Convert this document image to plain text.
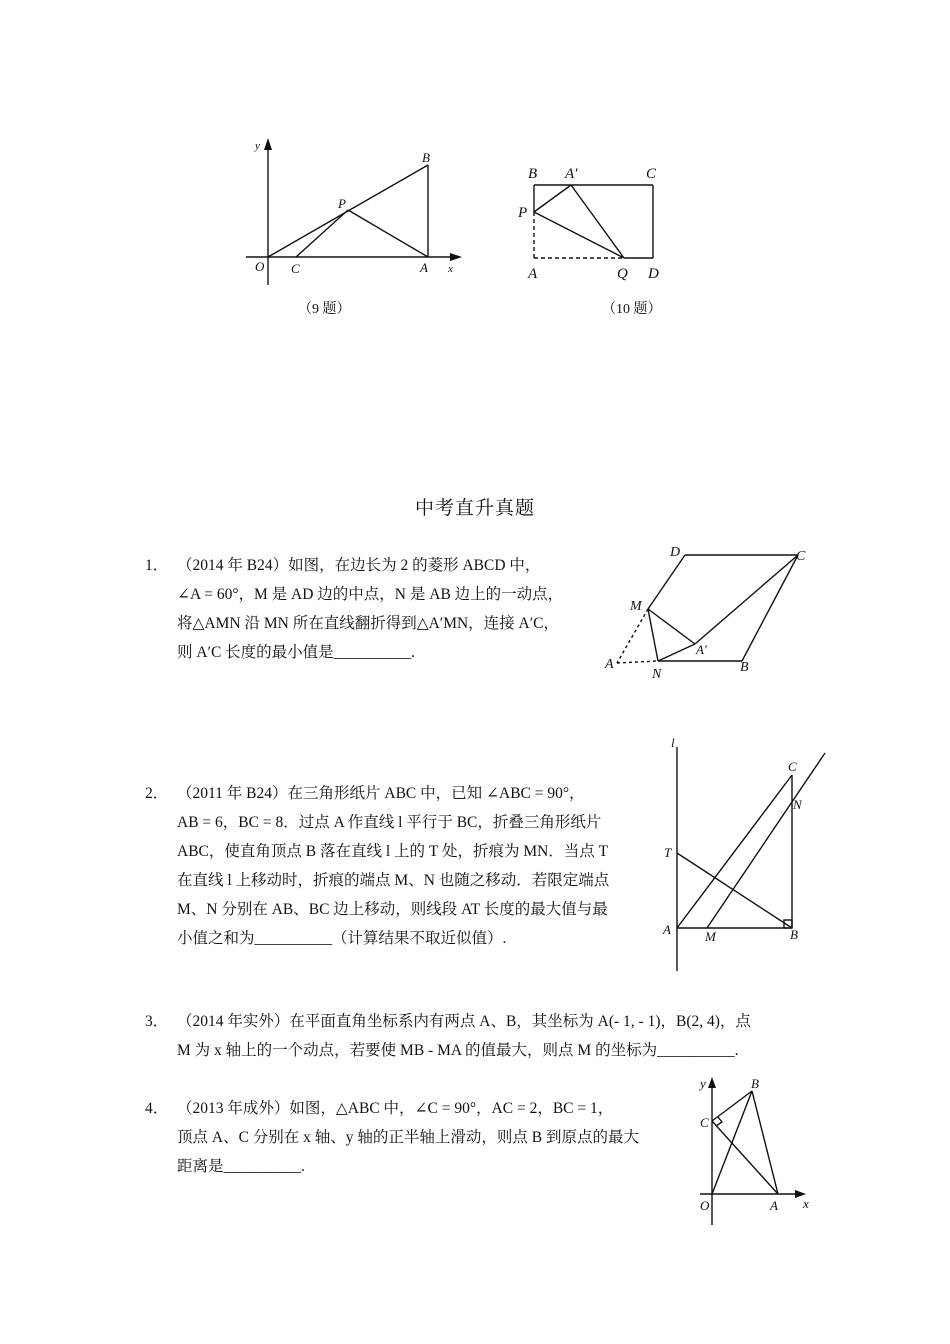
y
x
O C
P
A
B
（9 题）
B A′	C
P
A	Q D
（10 题）
中考直升真题
1． （2014 年 B24）如图，在边长为 2 的菱形 ABCD 中，
∠A = 60°，M 是 AD 边的中点，N 是 AB 边上的一动点，
将△AMN 沿 MN 所在直线翻折得到△A′MN，连接 A′C，
则 A′C 长度的最小值是__________.
D	C
M
A
A′
N	B
2． （2011 年 B24）在三角形纸片 ABC 中，已知 ∠ABC = 90°，
AB = 6，BC = 8．过点 A 作直线 l 平行于 BC，折叠三角形纸片
ABC，使直角顶点 B 落在直线 l 上的 T 处，折痕为 MN．当点 T
在直线 l 上移动时，折痕的端点 M、N 也随之移动．若限定端点
M、N 分别在 AB、BC 边上移动，则线段 AT 长度的最大值与最
小值之和为__________（计算结果不取近似值）.
l
C
N
T
A	M	B
3． （2014 年实外）在平面直角坐标系内有两点 A、B，其坐标为 A(- 1, - 1)，B(2, 4)，点
M 为 x 轴上的一个动点，若要使 MB - MA 的值最大，则点 M 的坐标为__________.
4． （2013 年成外）如图，△ABC 中，∠C = 90°，AC = 2，BC = 1，
顶点 A、C 分别在 x 轴、y 轴的正半轴上滑动，则点 B 到原点的最大
距离是__________.
y	B
C
O	A x
